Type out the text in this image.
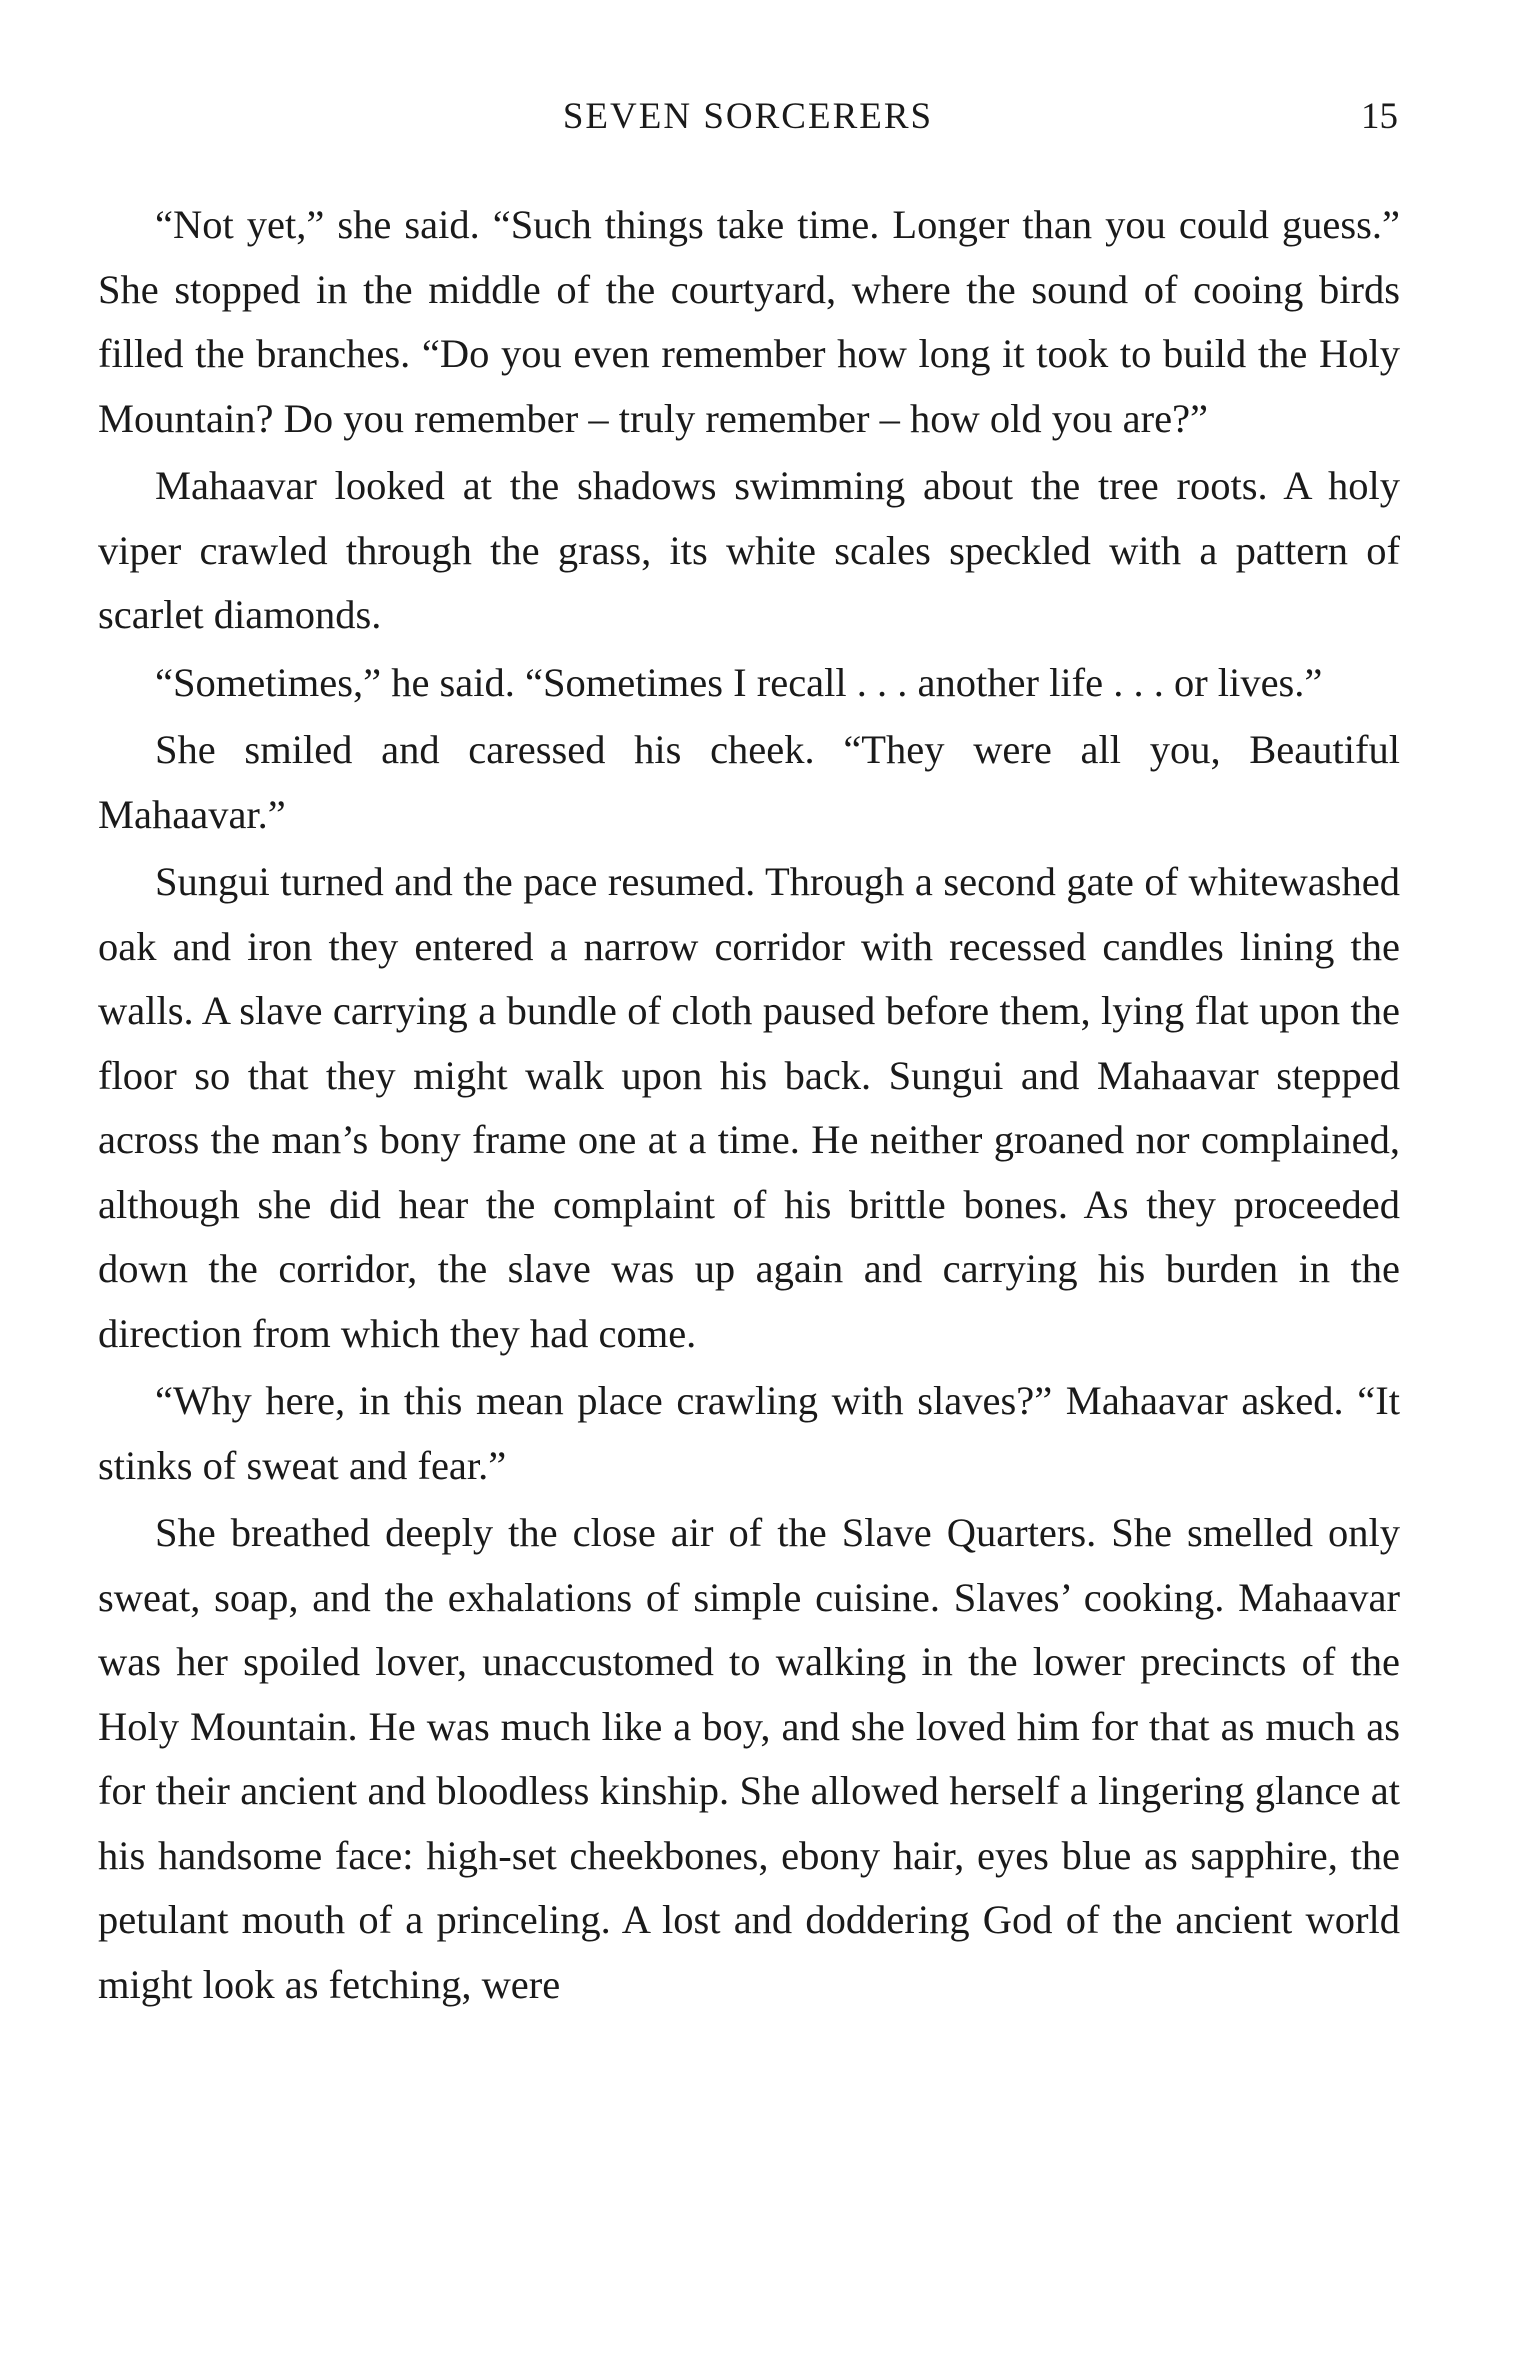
SEVEN SORCERERS	15

“Not yet,” she said. “Such things take time. Longer than you could guess.” She stopped in the middle of the courtyard, where the sound of cooing birds filled the branches. “Do you even remember how long it took to build the Holy Mountain? Do you remember – truly remember – how old you are?”

Mahaavar looked at the shadows swimming about the tree roots. A holy viper crawled through the grass, its white scales speckled with a pattern of scarlet diamonds.

“Sometimes,” he said. “Sometimes I recall . . . another life . . . or lives.”

She smiled and caressed his cheek. “They were all you, Beautiful Mahaavar.”

Sungui turned and the pace resumed. Through a second gate of whitewashed oak and iron they entered a narrow corridor with recessed candles lining the walls. A slave carrying a bundle of cloth paused before them, lying flat upon the floor so that they might walk upon his back. Sungui and Mahaavar stepped across the man’s bony frame one at a time. He neither groaned nor complained, although she did hear the complaint of his brittle bones. As they proceeded down the corridor, the slave was up again and carrying his burden in the direction from which they had come.

“Why here, in this mean place crawling with slaves?” Mahaavar asked. “It stinks of sweat and fear.”

She breathed deeply the close air of the Slave Quarters. She smelled only sweat, soap, and the exhalations of simple cuisine. Slaves’ cooking. Mahaavar was her spoiled lover, unaccustomed to walking in the lower precincts of the Holy Mountain. He was much like a boy, and she loved him for that as much as for their ancient and bloodless kinship. She allowed herself a lingering glance at his handsome face: high-set cheekbones, ebony hair, eyes blue as sapphire, the petulant mouth of a princeling. A lost and doddering God of the ancient world might look as fetching, were
